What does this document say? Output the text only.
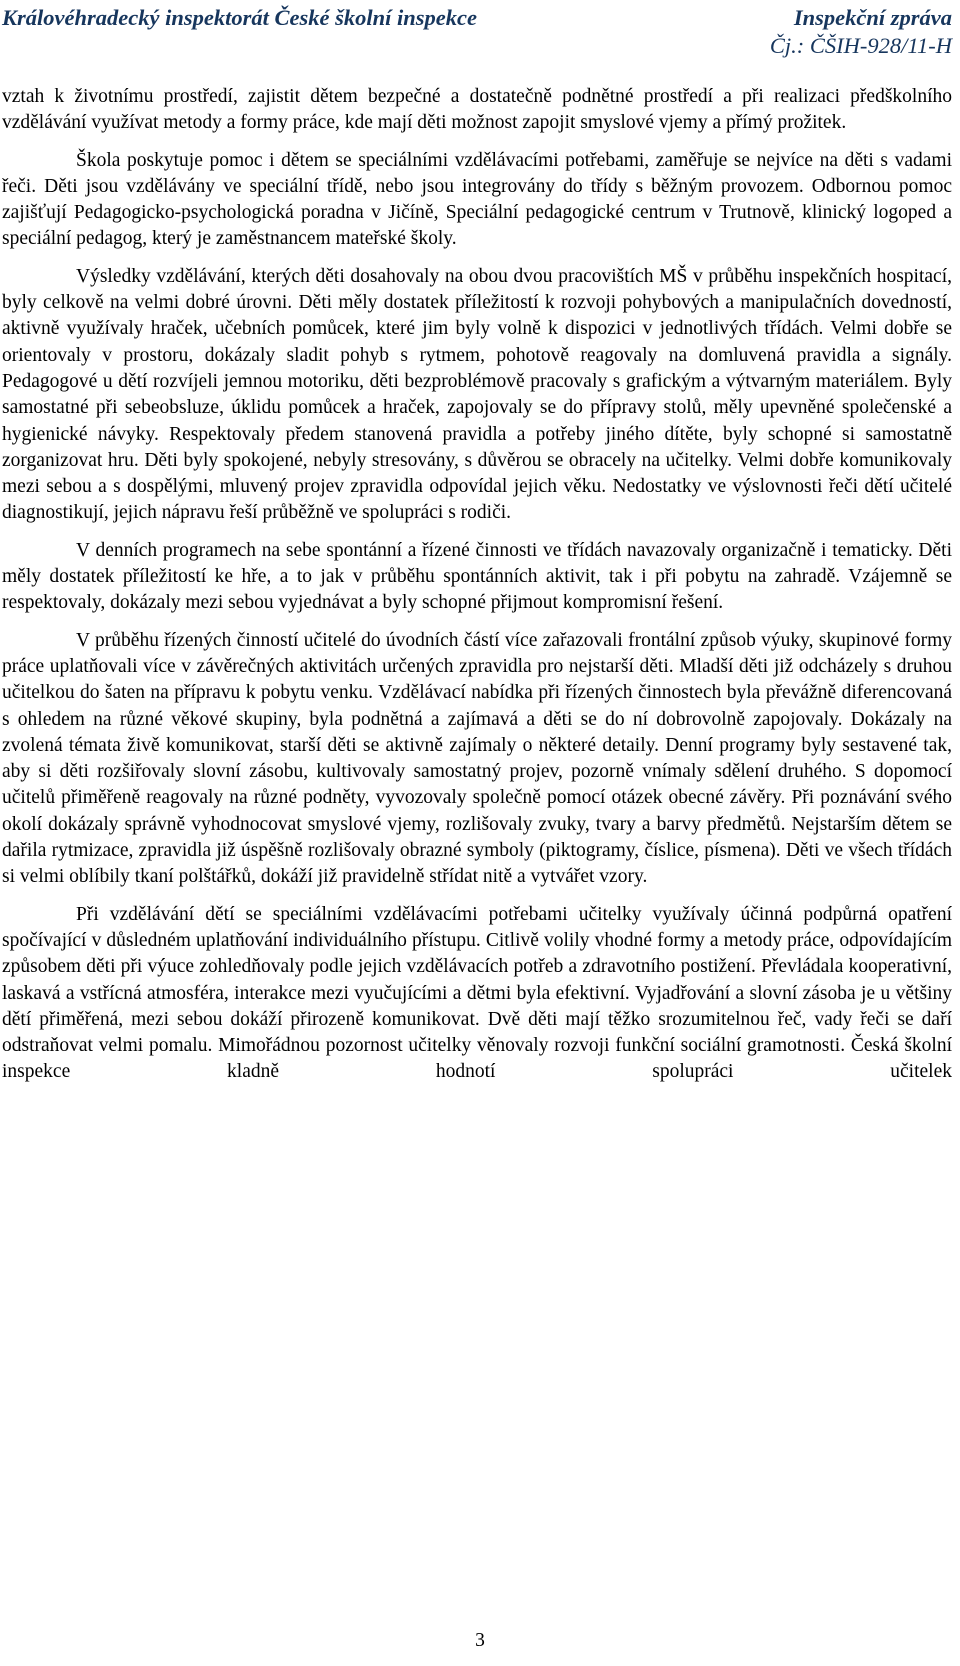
Královéhradecký inspektorát České školní inspekce	Inspekční zpráva
Čj.: ČŠIH-928/11-H

vztah k životnímu prostředí, zajistit dětem bezpečné a dostatečně podnětné prostředí a při realizaci předškolního vzdělávání využívat metody a formy práce, kde mají děti možnost zapojit smyslové vjemy a přímý prožitek.

Škola poskytuje pomoc i dětem se speciálními vzdělávacími potřebami, zaměřuje se nejvíce na děti s vadami řeči. Děti jsou vzdělávány ve speciální třídě, nebo jsou integrovány do třídy s běžným provozem. Odbornou pomoc zajišťují Pedagogicko-psychologická poradna v Jičíně, Speciální pedagogické centrum v Trutnově, klinický logoped a speciální pedagog, který je zaměstnancem mateřské školy.

Výsledky vzdělávání, kterých děti dosahovaly na obou dvou pracovištích MŠ v průběhu inspekčních hospitací, byly celkově na velmi dobré úrovni. Děti měly dostatek příležitostí k rozvoji pohybových a manipulačních dovedností, aktivně využívaly hraček, učebních pomůcek, které jim byly volně k dispozici v jednotlivých třídách. Velmi dobře se orientovaly v prostoru, dokázaly sladit pohyb s rytmem, pohotově reagovaly na domluvená pravidla a signály. Pedagogové u dětí rozvíjeli jemnou motoriku, děti bezproblémově pracovaly s grafickým a výtvarným materiálem. Byly samostatné při sebeobsluze, úklidu pomůcek a hraček, zapojovaly se do přípravy stolů, měly upevněné společenské a hygienické návyky. Respektovaly předem stanovená pravidla a potřeby jiného dítěte, byly schopné si samostatně zorganizovat hru. Děti byly spokojené, nebyly stresovány, s důvěrou se obracely na učitelky. Velmi dobře komunikovaly mezi sebou a s dospělými, mluvený projev zpravidla odpovídal jejich věku. Nedostatky ve výslovnosti řeči dětí učitelé diagnostikují, jejich nápravu řeší průběžně ve spolupráci s rodiči.

V denních programech na sebe spontánní a řízené činnosti ve třídách navazovaly organizačně i tematicky. Děti měly dostatek příležitostí ke hře, a to jak v průběhu spontánních aktivit, tak i při pobytu na zahradě. Vzájemně se respektovaly, dokázaly mezi sebou vyjednávat a byly schopné přijmout kompromisní řešení.

V průběhu řízených činností učitelé do úvodních částí více zařazovali frontální způsob výuky, skupinové formy práce uplatňovali více v závěrečných aktivitách určených zpravidla pro nejstarší děti. Mladší děti již odcházely s druhou učitelkou do šaten na přípravu k pobytu venku. Vzdělávací nabídka při řízených činnostech byla převážně diferencovaná s ohledem na různé věkové skupiny, byla podnětná a zajímavá a děti se do ní dobrovolně zapojovaly. Dokázaly na zvolená témata živě komunikovat, starší děti se aktivně zajímaly o některé detaily. Denní programy byly sestavené tak, aby si děti rozšiřovaly slovní zásobu, kultivovaly samostatný projev, pozorně vnímaly sdělení druhého. S dopomocí učitelů přiměřeně reagovaly na různé podněty, vyvozovaly společně pomocí otázek obecné závěry. Při poznávání svého okolí dokázaly správně vyhodnocovat smyslové vjemy, rozlišovaly zvuky, tvary a barvy předmětů. Nejstarším dětem se dařila rytmizace, zpravidla již úspěšně rozlišovaly obrazné symboly (piktogramy, číslice, písmena). Děti ve všech třídách si velmi oblíbily tkaní polštářků, dokáží již pravidelně střídat nitě a vytvářet vzory.

Při vzdělávání dětí se speciálními vzdělávacími potřebami učitelky využívaly účinná podpůrná opatření spočívající v důsledném uplatňování individuálního přístupu. Citlivě volily vhodné formy a metody práce, odpovídajícím způsobem děti při výuce zohledňovaly podle jejich vzdělávacích potřeb a zdravotního postižení. Převládala kooperativní, laskavá a vstřícná atmosféra, interakce mezi vyučujícími a dětmi byla efektivní. Vyjadřování a slovní zásoba je u většiny dětí přiměřená, mezi sebou dokáží přirozeně komunikovat. Dvě děti mají těžko srozumitelnou řeč, vady řeči se daří odstraňovat velmi pomalu. Mimořádnou pozornost učitelky věnovaly rozvoji funkční sociální gramotnosti. Česká školní inspekce kladně hodnotí spolupráci učitelek

3
